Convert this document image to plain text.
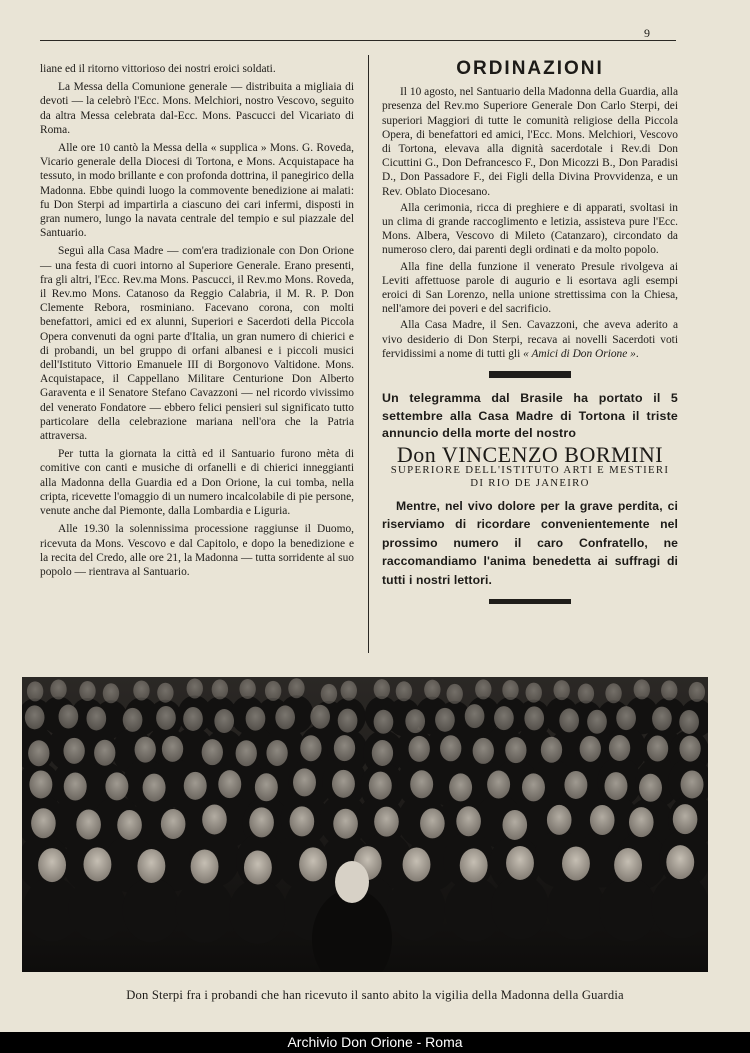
9

liane ed il ritorno vittorioso dei nostri eroici soldati.

La Messa della Comunione generale — distribuita a migliaia di devoti — la celebrò l'Ecc. Mons. Melchiori, nostro Vescovo, seguito da altra Messa celebrata dal-Ecc. Mons. Pascucci del Vicariato di Roma.

Alle ore 10 cantò la Messa della « supplica » Mons. G. Roveda, Vicario generale della Diocesi di Tortona, e Mons. Acquistapace ha tessuto, in modo brillante e con profonda dottrina, il panegirico della Madonna. Ebbe quindi luogo la commovente benedizione ai malati: fu Don Sterpi ad impartirla a ciascuno dei cari infermi, disposti in gran numero, lungo la navata centrale del tempio e sul piazzale del Santuario.

Seguì alla Casa Madre — com'era tradizionale con Don Orione — una festa di cuori intorno al Superiore Generale. Erano presenti, fra gli altri, l'Ecc. Rev.ma Mons. Pascucci, il Rev.mo Mons. Roveda, il Rev.mo Mons. Catanoso da Reggio Calabria, il M. R. P. Don Clemente Rebora, rosminiano. Facevano corona, con molti benefattori, amici ed ex alunni, Superiori e Sacerdoti della Piccola Opera convenuti da ogni parte d'Italia, un gran numero di chierici e di probandi, un bel gruppo di orfani albanesi e i piccoli musici dell'Istituto Vittorio Emanuele III di Borgonovo Valtidone. Mons. Acquistapace, il Cappellano Militare Centurione Don Alberto Garaventa e il Senatore Stefano Cavazzoni — nel ricordo vivissimo del venerato Fondatore — ebbero felici pensieri sul significato tutto particolare della celebrazione mariana nell'ora che la Patria attraversa.

Per tutta la giornata la città ed il Santuario furono mèta di comitive con canti e musiche di orfanelli e di chierici inneggianti alla Madonna della Guardia ed a Don Orione, la cui tomba, nella cripta, ricevette l'omaggio di un numero incalcolabile di pie persone, venute anche dal Piemonte, dalla Lombardia e Liguria.

Alle 19.30 la solennissima processione raggiunse il Duomo, ricevuta da Mons. Vescovo e dal Capitolo, e dopo la benedizione e la recita del Credo, alle ore 21, la Madonna — tutta sorridente al suo popolo — rientrava al Santuario.

ORDINAZIONI

Il 10 agosto, nel Santuario della Madonna della Guardia, alla presenza del Rev.mo Superiore Generale Don Carlo Sterpi, dei superiori Maggiori di tutte le comunità religiose della Piccola Opera, di benefattori ed amici, l'Ecc. Mons. Melchiori, Vescovo di Tortona, elevava alla dignità sacerdotale i Rev.di Don Cicuttini G., Don Defrancesco F., Don Micozzi B., Don Paradisi D., Don Passadore F., dei Figli della Divina Provvidenza, e un Rev. Oblato Diocesano.

Alla cerimonia, ricca di preghiere e di apparati, svoltasi in un clima di grande raccoglimento e letizia, assisteva pure l'Ecc. Mons. Albera, Vescovo di Mileto (Catanzaro), circondato da numeroso clero, dai parenti degli ordinati e da molto popolo.

Alla fine della funzione il venerato Presule rivolgeva ai Leviti affettuose parole di augurio e li esortava agli esempi eroici di San Lorenzo, nella unione strettissima con la Chiesa, nell'amore dei poveri e del sacrificio.

Alla Casa Madre, il Sen. Cavazzoni, che aveva aderito a vivo desiderio di Don Sterpi, recava ai novelli Sacerdoti voti fervidissimi a nome di tutti gli « Amici di Don Orione ».

Un telegramma dal Brasile ha portato il 5 settembre alla Casa Madre di Tortona il triste annuncio della morte del nostro
Don VINCENZO BORMINI
SUPERIORE DELL'ISTITUTO ARTI E MESTIERI
DI RIO DE JANEIRO
Mentre, nel vivo dolore per la grave perdita, ci riserviamo di ricordare convenientemente nel prossimo numero il caro Confratello, ne raccomandiamo l'anima benedetta ai suffragi di tutti i nostri lettori.
Don Sterpi fra i probandi che han ricevuto il santo abito la vigilia della Madonna della Guardia
Archivio Don Orione - Roma
